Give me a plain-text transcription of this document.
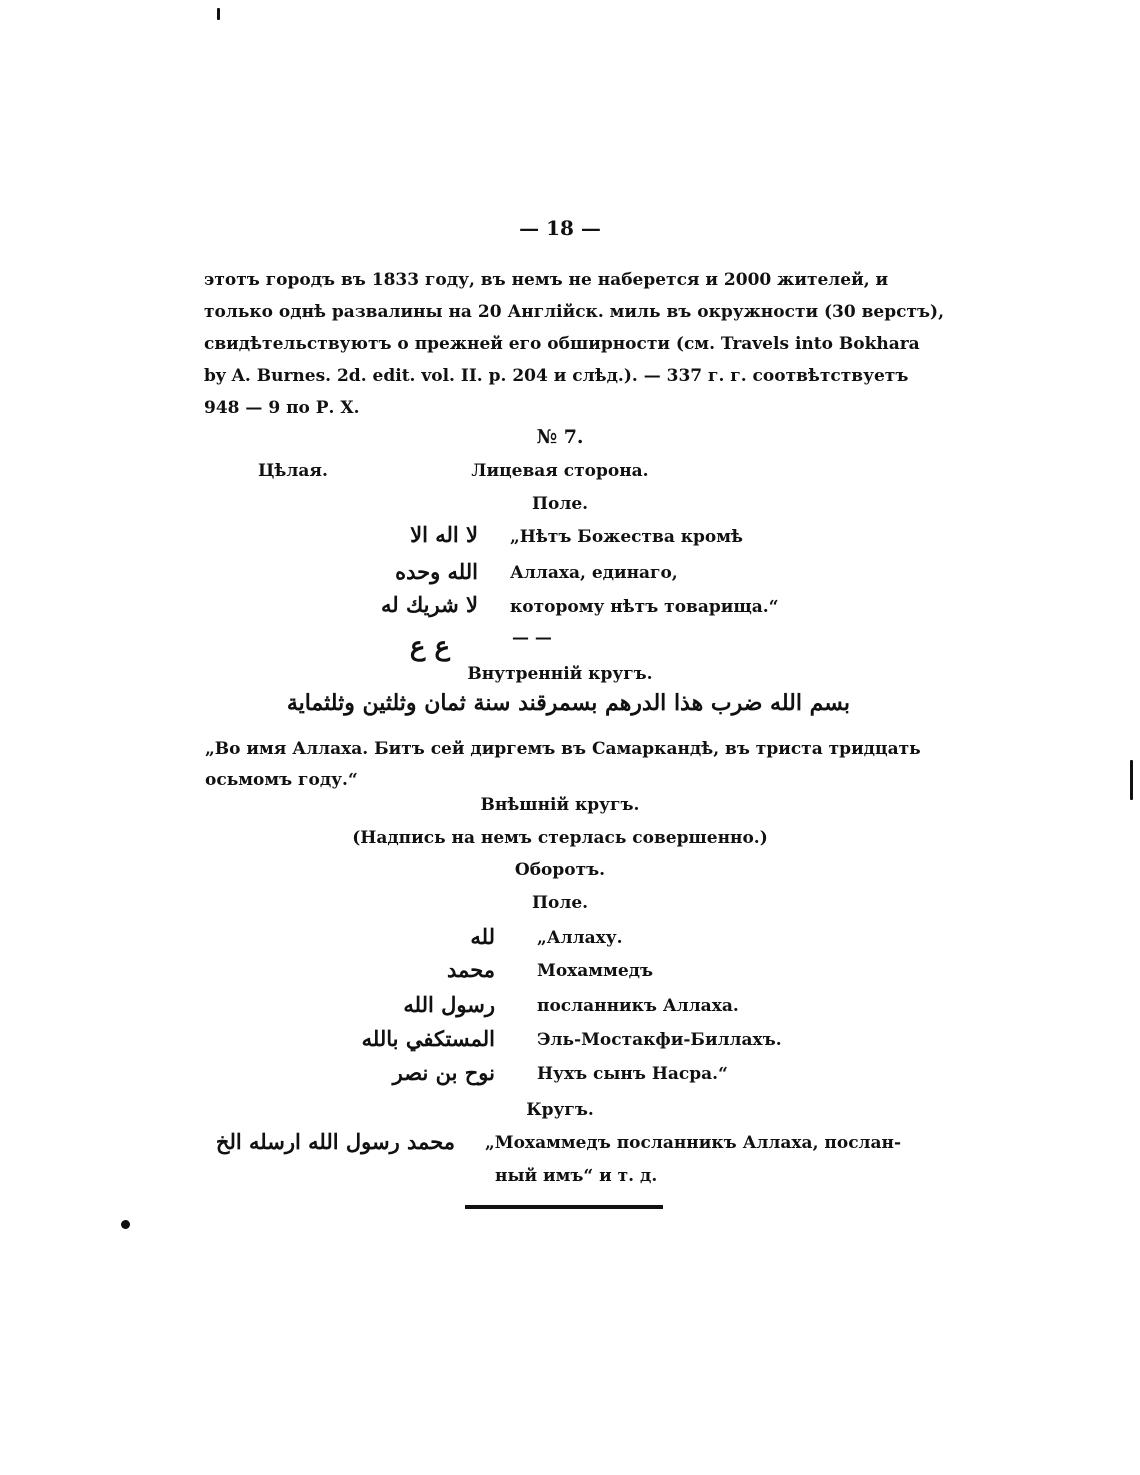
— 18 —
этотъ городъ въ 1833 году, въ немъ не наберется и 2000 жителей, и
только однѣ развалины на 20 Англійск. миль въ окружности (30 верстъ),
свидѣтельствуютъ о прежней его обширности (см. Travels into Bokhara
by A. Burnes. 2d. edit. vol. II. p. 204 и слѣд.). — 337 г. г. соотвѣтствуетъ
948 — 9 по Р. X.
№ 7.
Цѣлая.	Лицевая сторона.
Поле.
لا اله الا „Нѣтъ Божества кромѣ
الله وحده Аллаха, единаго,
لا شريك له которому нѣтъ товарища.“
ع ع	— —
Внутренній кругъ.
بسم الله ضرب هذا الدرهم بسمرقند سنة ثمان وثلثين وثلثماية
„Во имя Аллаха. Битъ сей диргемъ въ Самаркандѣ, въ триста тридцать
осьмомъ году.“
Внѣшній кругъ.
(Надпись на немъ стерлась совершенно.)
Оборотъ.
Поле.
لله „Аллаху.
محمد Мохаммедъ
رسول الله посланникъ Аллаха.
المستكفي بالله Эль-Мостакфи-Биллахъ.
نوح بن نصر Нухъ сынъ Насра.“
Кругъ.
محمد رسول الله ارسله الخ „Мохаммедъ посланникъ Аллаха, послан-
ный имъ“ и т. д.
